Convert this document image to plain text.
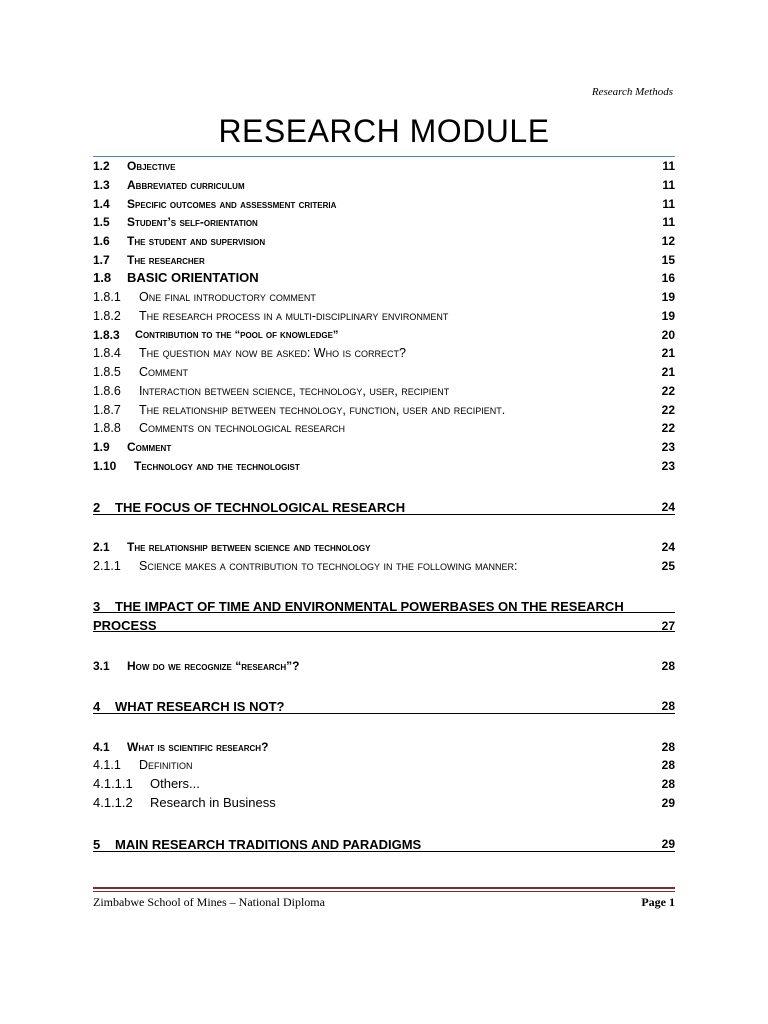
Research Methods
RESEARCH MODULE
1.2 Objective	11
1.3 Abbreviated curriculum	11
1.4 Specific outcomes and assessment criteria	11
1.5 Student’s self-orientation	11
1.6 The student and supervision	12
1.7 The researcher	15
1.8 BASIC ORIENTATION	16
1.8.1 One final introductory comment	19
1.8.2 The research process in a multi-disciplinary environment	19
1.8.3 Contribution to the “pool of knowledge”	20
1.8.4 The question may now be asked: Who is correct?	21
1.8.5 Comment	21
1.8.6 Interaction between science, technology, user, recipient	22
1.8.7 The relationship between technology, function, user and recipient.	22
1.8.8 Comments on technological research	22
1.9 Comment	23
1.10 Technology and the technologist	23
2 THE FOCUS OF TECHNOLOGICAL RESEARCH	24
2.1 The relationship between science and technology	24
2.1.1 Science makes a contribution to technology in the following manner:	25
3 THE IMPACT OF TIME AND ENVIRONMENTAL POWERBASES ON THE RESEARCH
PROCESS	27
3.1 How do we recognize “research”?	28
4 WHAT RESEARCH IS NOT?	28
4.1 What is scientific research?	28
4.1.1 Definition	28
4.1.1.1 Others...	28
4.1.1.2 Research in Business	29
5 MAIN RESEARCH TRADITIONS AND PARADIGMS	29
Zimbabwe School of Mines – National Diploma	Page 1
